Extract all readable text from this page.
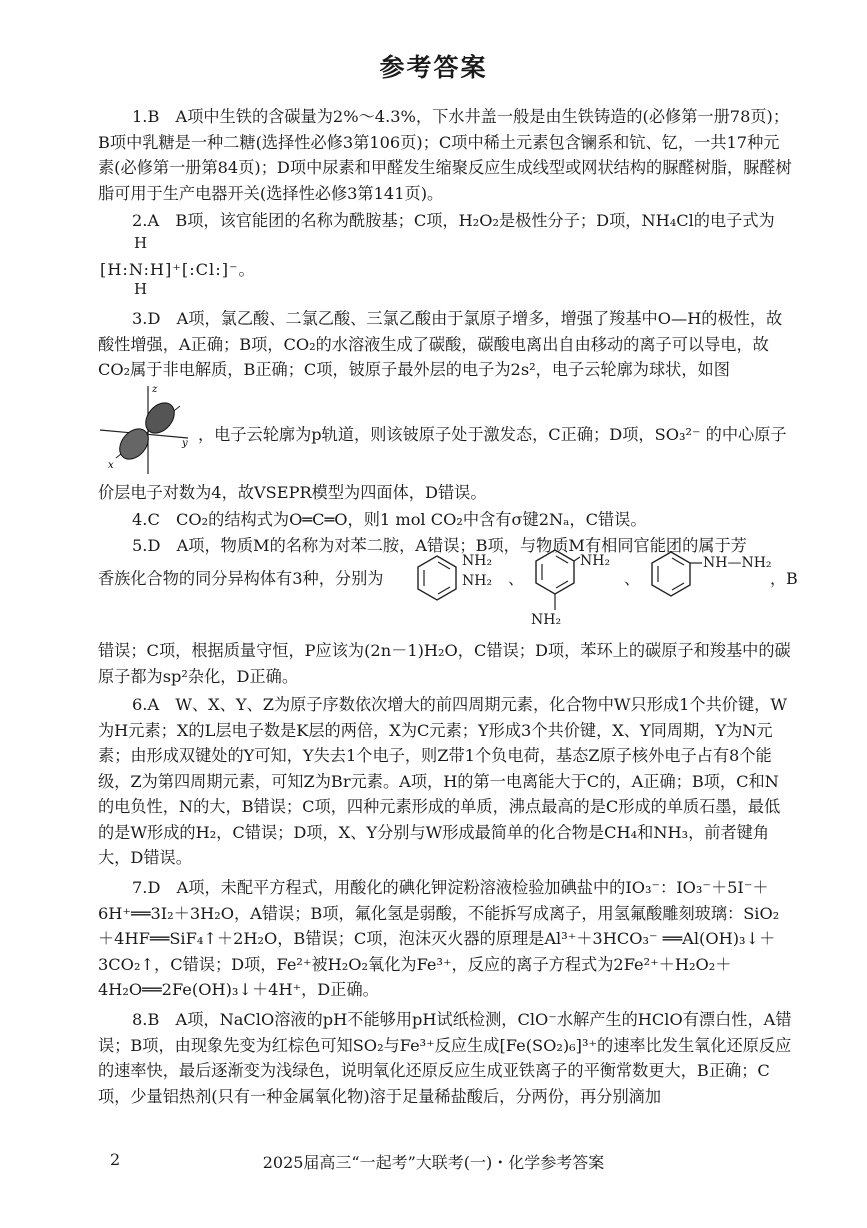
参考答案
1.B　A项中生铁的含碳量为2%～4.3%，下水井盖一般是由生铁铸造的(必修第一册78页)；B项中乳糖是一种二糖(选择性必修3第106页)；C项中稀土元素包含镧系和钪、钇，一共17种元素(必修第一册第84页)；D项中尿素和甲醛发生缩聚反应生成线型或网状结构的脲醛树脂，脲醛树脂可用于生产电器开关(选择性必修3第141页)。
2.A　B项，该官能团的名称为酰胺基；C项，H₂O₂是极性分子；D项，NH₄Cl的电子式为
H
[H:N:H]⁺[:Cl:]⁻。
H
3.D　A项，氯乙酸、二氯乙酸、三氯乙酸由于氯原子增多，增强了羧基中O—H的极性，故酸性增强，A正确；B项，CO₂的水溶液生成了碳酸，碳酸电离出自由移动的离子可以导电，故CO₂属于非电解质，B正确；C项，铍原子最外层的电子为2s²，电子云轮廓为球状，如图
z
y
x
，电子云轮廓为p轨道，则该铍原子处于激发态，C正确；D项，SO₃²⁻ 的中心原子
价层电子对数为4，故VSEPR模型为四面体，D错误。
4.C　CO₂的结构式为O═C═O，则1 mol CO₂中含有σ键2Nₐ，C错误。
5.D　A项，物质M的名称为对苯二胺，A错误；B项，与物质M有相同官能团的属于芳
香族化合物的同分异构体有3种，分别为
NH₂
NH₂ 、
NH₂
NH₂
、
NH—NH₂
，B
错误；C项，根据质量守恒，P应该为(2n－1)H₂O，C错误；D项，苯环上的碳原子和羧基中的碳原子都为sp²杂化，D正确。
6.A　W、X、Y、Z为原子序数依次增大的前四周期元素，化合物中W只形成1个共价键，W为H元素；X的L层电子数是K层的两倍，X为C元素；Y形成3个共价键，X、Y同周期，Y为N元素；由形成双键处的Y可知，Y失去1个电子，则Z带1个负电荷，基态Z原子核外电子占有8个能级，Z为第四周期元素，可知Z为Br元素。A项，H的第一电离能大于C的，A正确；B项，C和N的电负性，N的大，B错误；C项，四种元素形成的单质，沸点最高的是C形成的单质石墨，最低的是W形成的H₂，C错误；D项，X、Y分别与W形成最简单的化合物是CH₄和NH₃，前者键角大，D错误。
7.D　A项，未配平方程式，用酸化的碘化钾淀粉溶液检验加碘盐中的IO₃⁻：IO₃⁻＋5I⁻＋6H⁺══3I₂＋3H₂O，A错误；B项，氟化氢是弱酸，不能拆写成离子，用氢氟酸雕刻玻璃：SiO₂＋4HF══SiF₄↑＋2H₂O，B错误；C项，泡沫灭火器的原理是Al³⁺＋3HCO₃⁻ ══Al(OH)₃↓＋3CO₂↑，C错误；D项，Fe²⁺被H₂O₂氧化为Fe³⁺，反应的离子方程式为2Fe²⁺＋H₂O₂＋4H₂O══2Fe(OH)₃↓＋4H⁺，D正确。
8.B　A项，NaClO溶液的pH不能够用pH试纸检测，ClO⁻水解产生的HClO有漂白性，A错误；B项，由现象先变为红棕色可知SO₂与Fe³⁺反应生成[Fe(SO₂)₆]³⁺的速率比发生氧化还原反应的速率快，最后逐渐变为浅绿色，说明氧化还原反应生成亚铁离子的平衡常数更大，B正确；C项，少量铝热剂(只有一种金属氧化物)溶于足量稀盐酸后，分两份，再分别滴加
2	2025届高三“一起考”大联考(一)・化学参考答案
